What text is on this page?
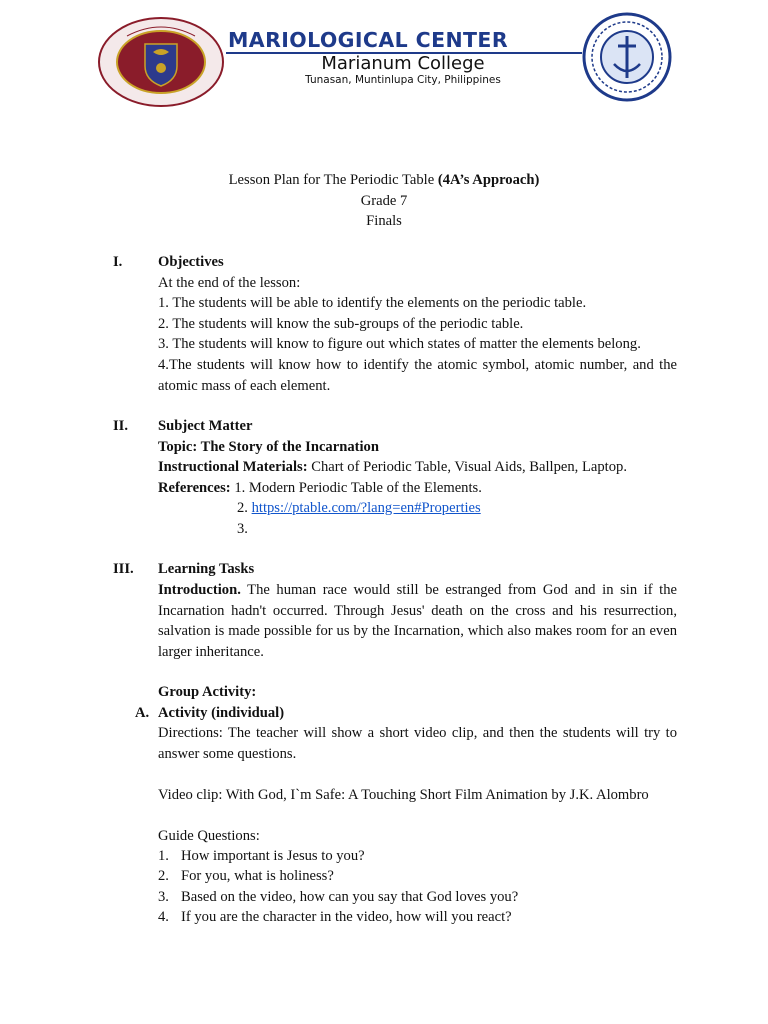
MARIOLOGICAL CENTER
Marianum College
Tunasan, Muntinlupa City, Philippines
Lesson Plan for The Periodic Table (4A’s Approach)
Grade 7
Finals
I. Objectives
At the end of the lesson:
1. The students will be able to identify the elements on the periodic table.
2. The students will know the sub-groups of the periodic table.
3. The students will know to figure out which states of matter the elements belong.
4.The students will know how to identify the atomic symbol, atomic number, and the atomic mass of each element.
II. Subject Matter
Topic: The Story of the Incarnation
Instructional Materials: Chart of Periodic Table, Visual Aids, Ballpen, Laptop.
References: 1. Modern Periodic Table of the Elements.
2. https://ptable.com/?lang=en#Properties
3.
III. Learning Tasks
Introduction. The human race would still be estranged from God and in sin if the Incarnation hadn't occurred. Through Jesus' death on the cross and his resurrection, salvation is made possible for us by the Incarnation, which also makes room for an even larger inheritance.
Group Activity:
A. Activity (individual)
Directions: The teacher will show a short video clip, and then the students will try to answer some questions.
Video clip: With God, I`m Safe: A Touching Short Film Animation by J.K. Alombro
Guide Questions:
1. How important is Jesus to you?
2. For you, what is holiness?
3. Based on the video, how can you say that God loves you?
4. If you are the character in the video, how will you react?
